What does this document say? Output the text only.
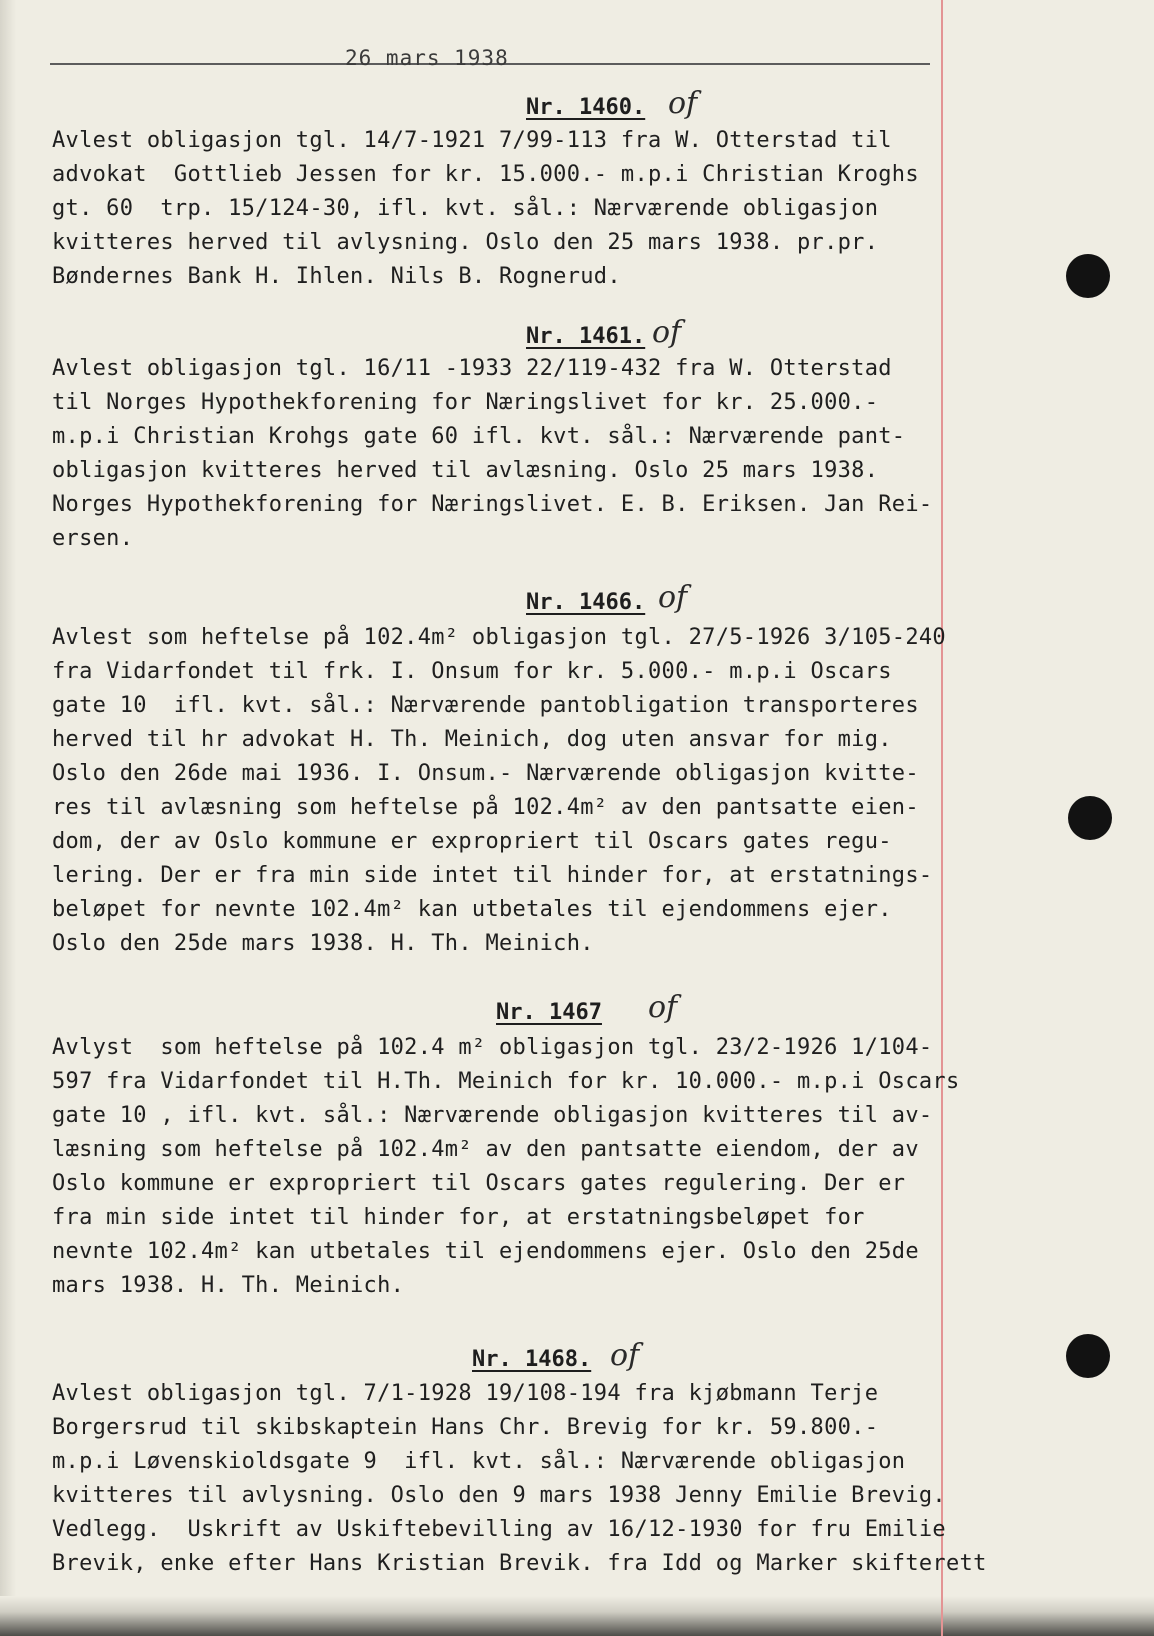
26 mars 1938
Nr. 1460. of
Avlest obligasjon tgl. 14/7-1921 7/99-113 fra W. Otterstad til
advokat  Gottlieb Jessen for kr. 15.000.- m.p.i Christian Kroghs
gt. 60  trp. 15/124-30, ifl. kvt. sål.: Nærværende obligasjon
kvitteres herved til avlysning. Oslo den 25 mars 1938. pr.pr.
Bøndernes Bank H. Ihlen. Nils B. Rognerud.
Nr. 1461. of
Avlest obligasjon tgl. 16/11 -1933 22/119-432 fra W. Otterstad
til Norges Hypothekforening for Næringslivet for kr. 25.000.-
m.p.i Christian Krohgs gate 60 ifl. kvt. sål.: Nærværende pant-
obligasjon kvitteres herved til avlæsning. Oslo 25 mars 1938.
Norges Hypothekforening for Næringslivet. E. B. Eriksen. Jan Rei-
ersen.
Nr. 1466. of
Avlest som heftelse på 102.4m² obligasjon tgl. 27/5-1926 3/105-240
fra Vidarfondet til frk. I. Onsum for kr. 5.000.- m.p.i Oscars
gate 10  ifl. kvt. sål.: Nærværende pantobligation transporteres
herved til hr advokat H. Th. Meinich, dog uten ansvar for mig.
Oslo den 26de mai 1936. I. Onsum.- Nærværende obligasjon kvitte-
res til avlæsning som heftelse på 102.4m² av den pantsatte eien-
dom, der av Oslo kommune er expropriert til Oscars gates regu-
lering. Der er fra min side intet til hinder for, at erstatnings-
beløpet for nevnte 102.4m² kan utbetales til ejendommens ejer.
Oslo den 25de mars 1938. H. Th. Meinich.
Nr. 1467 of
Avlyst  som heftelse på 102.4 m² obligasjon tgl. 23/2-1926 1/104-
597 fra Vidarfondet til H.Th. Meinich for kr. 10.000.- m.p.i Oscars
gate 10 , ifl. kvt. sål.: Nærværende obligasjon kvitteres til av-
læsning som heftelse på 102.4m² av den pantsatte eiendom, der av
Oslo kommune er expropriert til Oscars gates regulering. Der er
fra min side intet til hinder for, at erstatningsbeløpet for
nevnte 102.4m² kan utbetales til ejendommens ejer. Oslo den 25de
mars 1938. H. Th. Meinich.
Nr. 1468. of
Avlest obligasjon tgl. 7/1-1928 19/108-194 fra kjøbmann Terje
Borgersrud til skibskaptein Hans Chr. Brevig for kr. 59.800.-
m.p.i Løvenskioldsgate 9  ifl. kvt. sål.: Nærværende obligasjon
kvitteres til avlysning. Oslo den 9 mars 1938 Jenny Emilie Brevig.
Vedlegg.  Uskrift av Uskiftebevilling av 16/12-1930 for fru Emilie
Brevik, enke efter Hans Kristian Brevik. fra Idd og Marker skifterett
